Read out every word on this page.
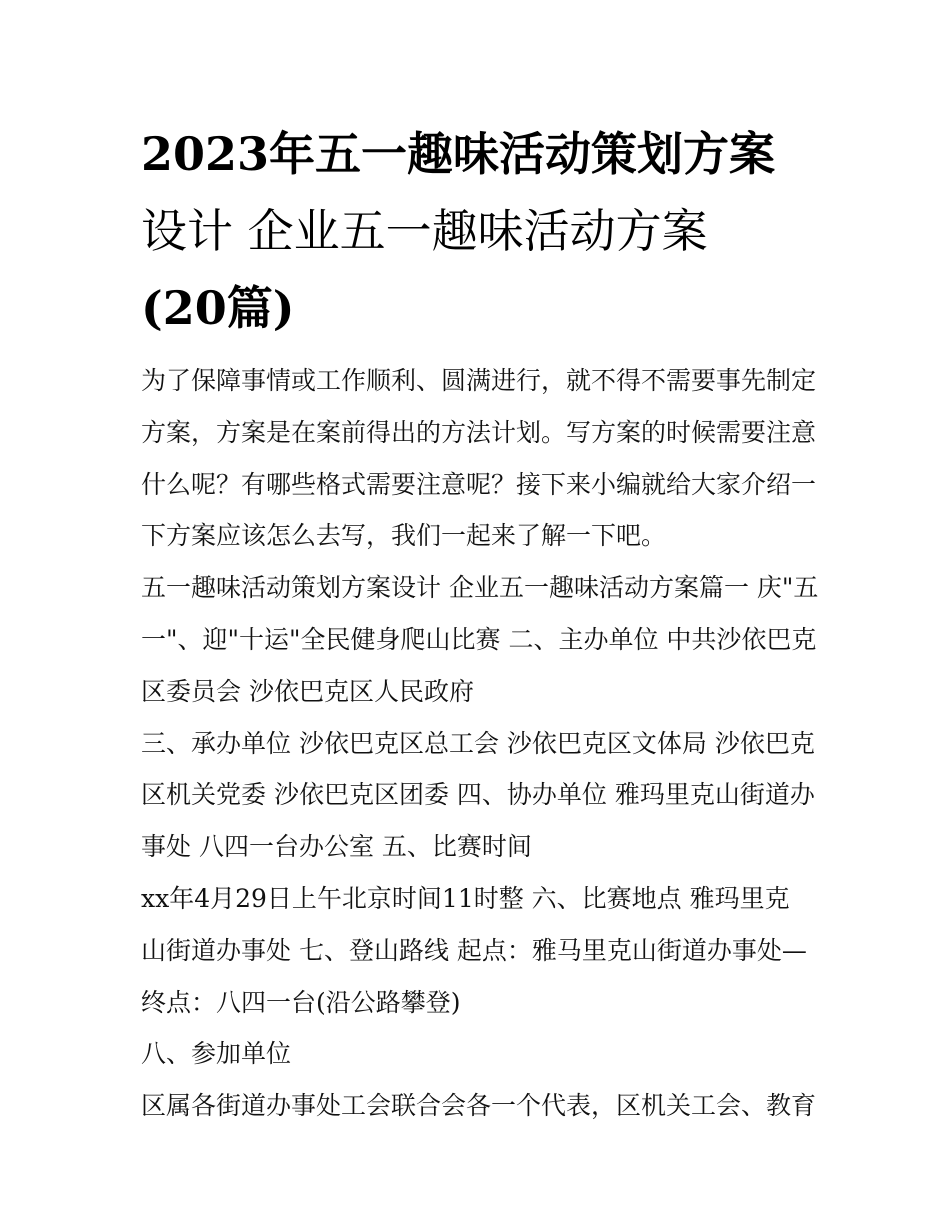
2023年五一趣味活动策划方案
设计 企业五一趣味活动方案
(20篇)
为了保障事情或工作顺利、圆满进行，就不得不需要事先制定
方案，方案是在案前得出的方法计划。写方案的时候需要注意
什么呢？有哪些格式需要注意呢？接下来小编就给大家介绍一
下方案应该怎么去写，我们一起来了解一下吧。
五一趣味活动策划方案设计 企业五一趣味活动方案篇一 庆"五
一"、迎"十运"全民健身爬山比赛 二、主办单位 中共沙依巴克
区委员会 沙依巴克区人民政府
三、承办单位 沙依巴克区总工会 沙依巴克区文体局 沙依巴克
区机关党委 沙依巴克区团委 四、协办单位 雅玛里克山街道办
事处 八四一台办公室 五、比赛时间
xx年4月29日上午北京时间11时整 六、比赛地点 雅玛里克
山街道办事处 七、登山路线 起点：雅马里克山街道办事处—
终点：八四一台(沿公路攀登)
八、参加单位
区属各街道办事处工会联合会各一个代表，区机关工会、教育
